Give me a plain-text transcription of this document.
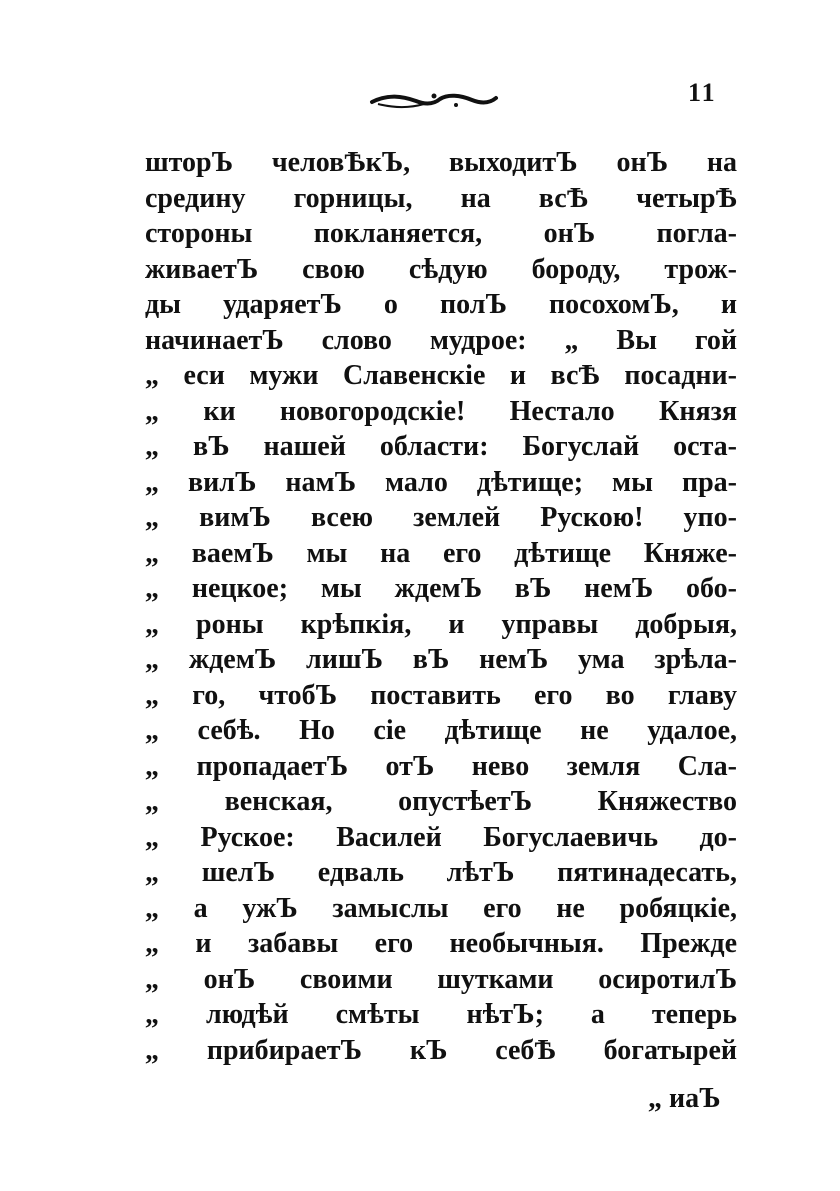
11
шторЪ человѢкЪ, выходитЪ онЪ на
средину горницы, на всѢ четырѢ
стороны покланяется, онЪ погла-
живаетЪ свою сѣдую бороду, трож-
ды ударяетЪ о полЪ посохомЪ, и
начинаетЪ слово мудрое: „ Вы гой
„ еси мужи Славенскіе и всѢ посадни-
„ ки новогородскіе! Нестало Князя
„ вЪ нашей области: Богуслай оста-
„ вилЪ намЪ мало дѣтище; мы пра-
„ вимЪ всею землей Рускою! упо-
„ ваемЪ мы на его дѣтище Княже-
„ нецкое; мы ждемЪ вЪ немЪ обо-
„ роны крѣпкія, и управы добрыя,
„ ждемЪ лишЪ вЪ немЪ ума зрѣла-
„ го, чтобЪ поставить его во главу
„ себѣ. Но сіе дѣтище не удалое,
„ пропадаетЪ отЪ нево земля Сла-
„ венская, опустѣетЪ Княжество
„ Руское: Василей Богуслаевичь до-
„ шелЪ едваль лѣтЪ пятинадесать,
„ а ужЪ замыслы его не робяцкіе,
„ и забавы его необычныя. Прежде
„ онЪ своими шутками осиротилЪ
„ людѣй смѣты нѣтЪ; а теперь
„ прибираетЪ кЪ себѢ богатырей
„ иаЪ
